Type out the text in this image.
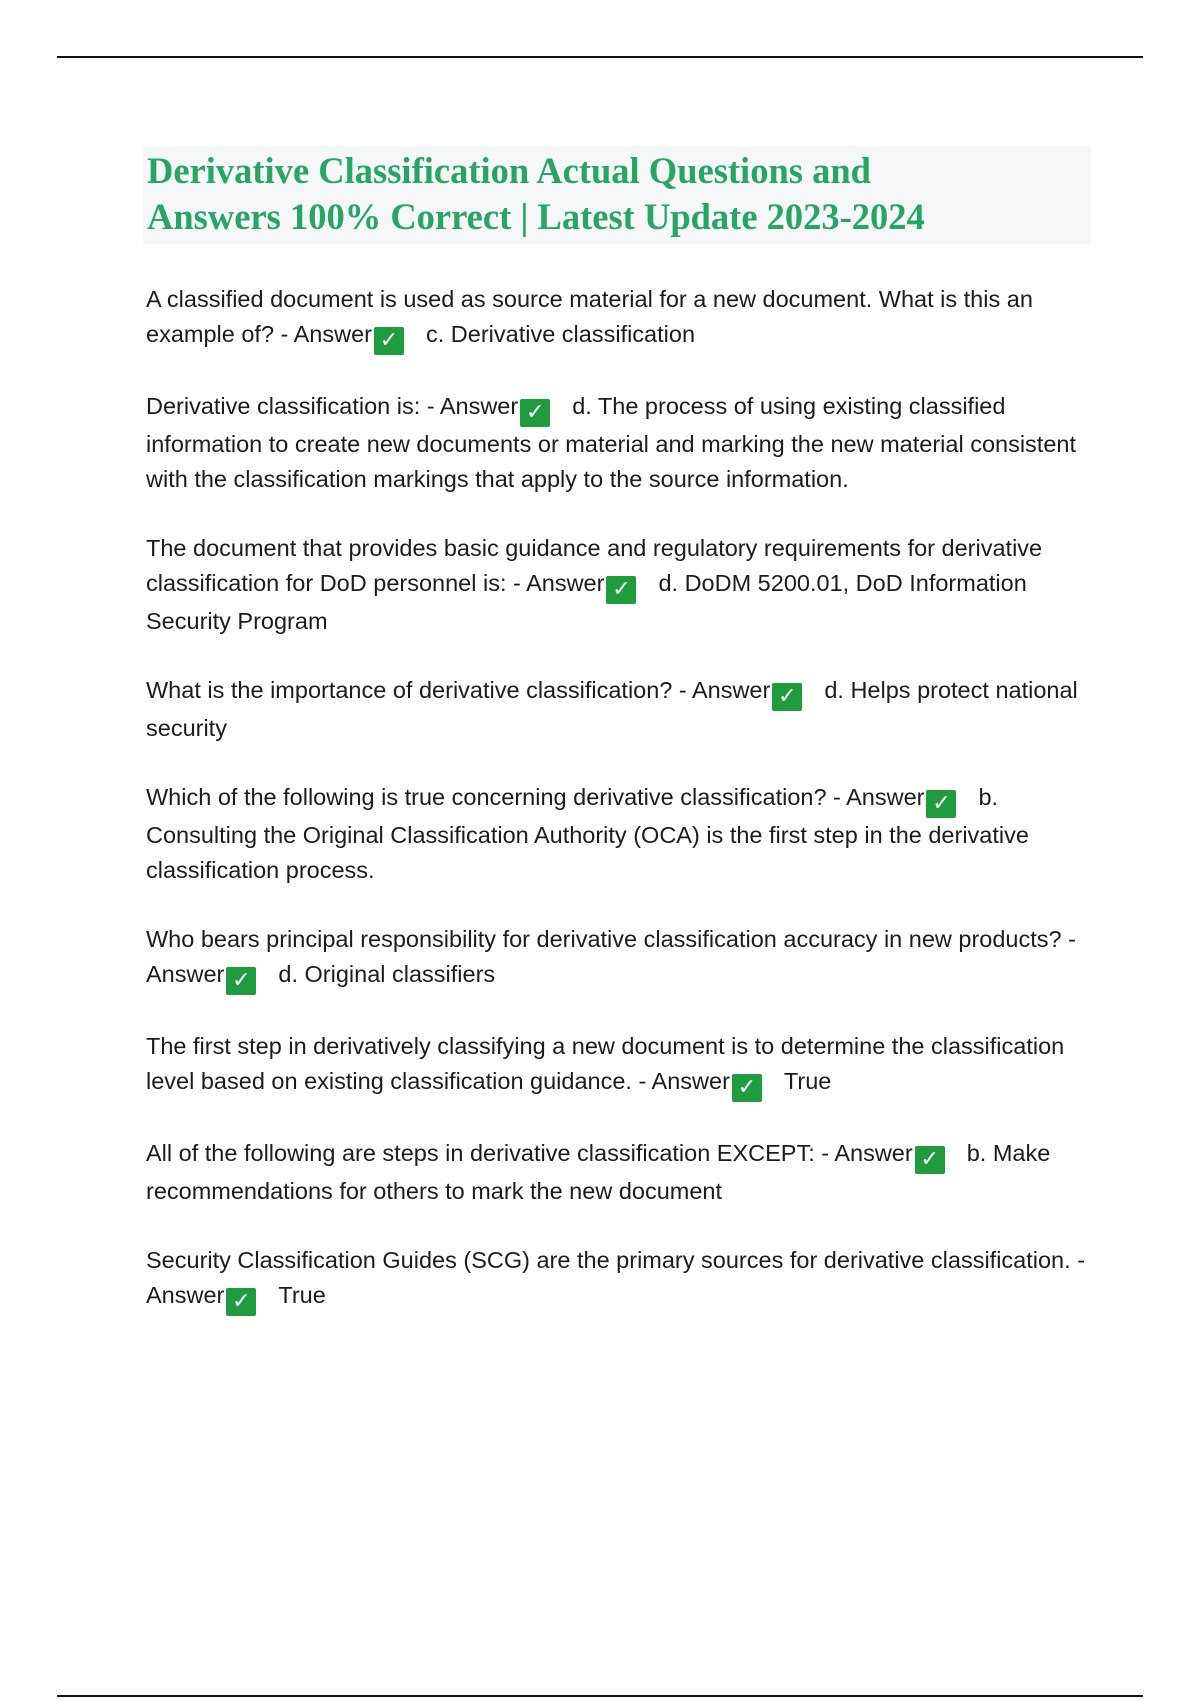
Derivative Classification Actual Questions and
Answers 100% Correct | Latest Update 2023-2024

A classified document is used as source material for a new document. What is this an example of? - Answer ✓ c. Derivative classification

Derivative classification is: - Answer ✓ d. The process of using existing classified information to create new documents or material and marking the new material consistent with the classification markings that apply to the source information.

The document that provides basic guidance and regulatory requirements for derivative classification for DoD personnel is: - Answer ✓ d. DoDM 5200.01, DoD Information Security Program

What is the importance of derivative classification? - Answer ✓ d. Helps protect national security

Which of the following is true concerning derivative classification? - Answer ✓ b. Consulting the Original Classification Authority (OCA) is the first step in the derivative classification process.

Who bears principal responsibility for derivative classification accuracy in new products? - Answer ✓ d. Original classifiers

The first step in derivatively classifying a new document is to determine the classification level based on existing classification guidance. - Answer ✓ True

All of the following are steps in derivative classification EXCEPT: - Answer ✓ b. Make recommendations for others to mark the new document

Security Classification Guides (SCG) are the primary sources for derivative classification. - Answer ✓ True
